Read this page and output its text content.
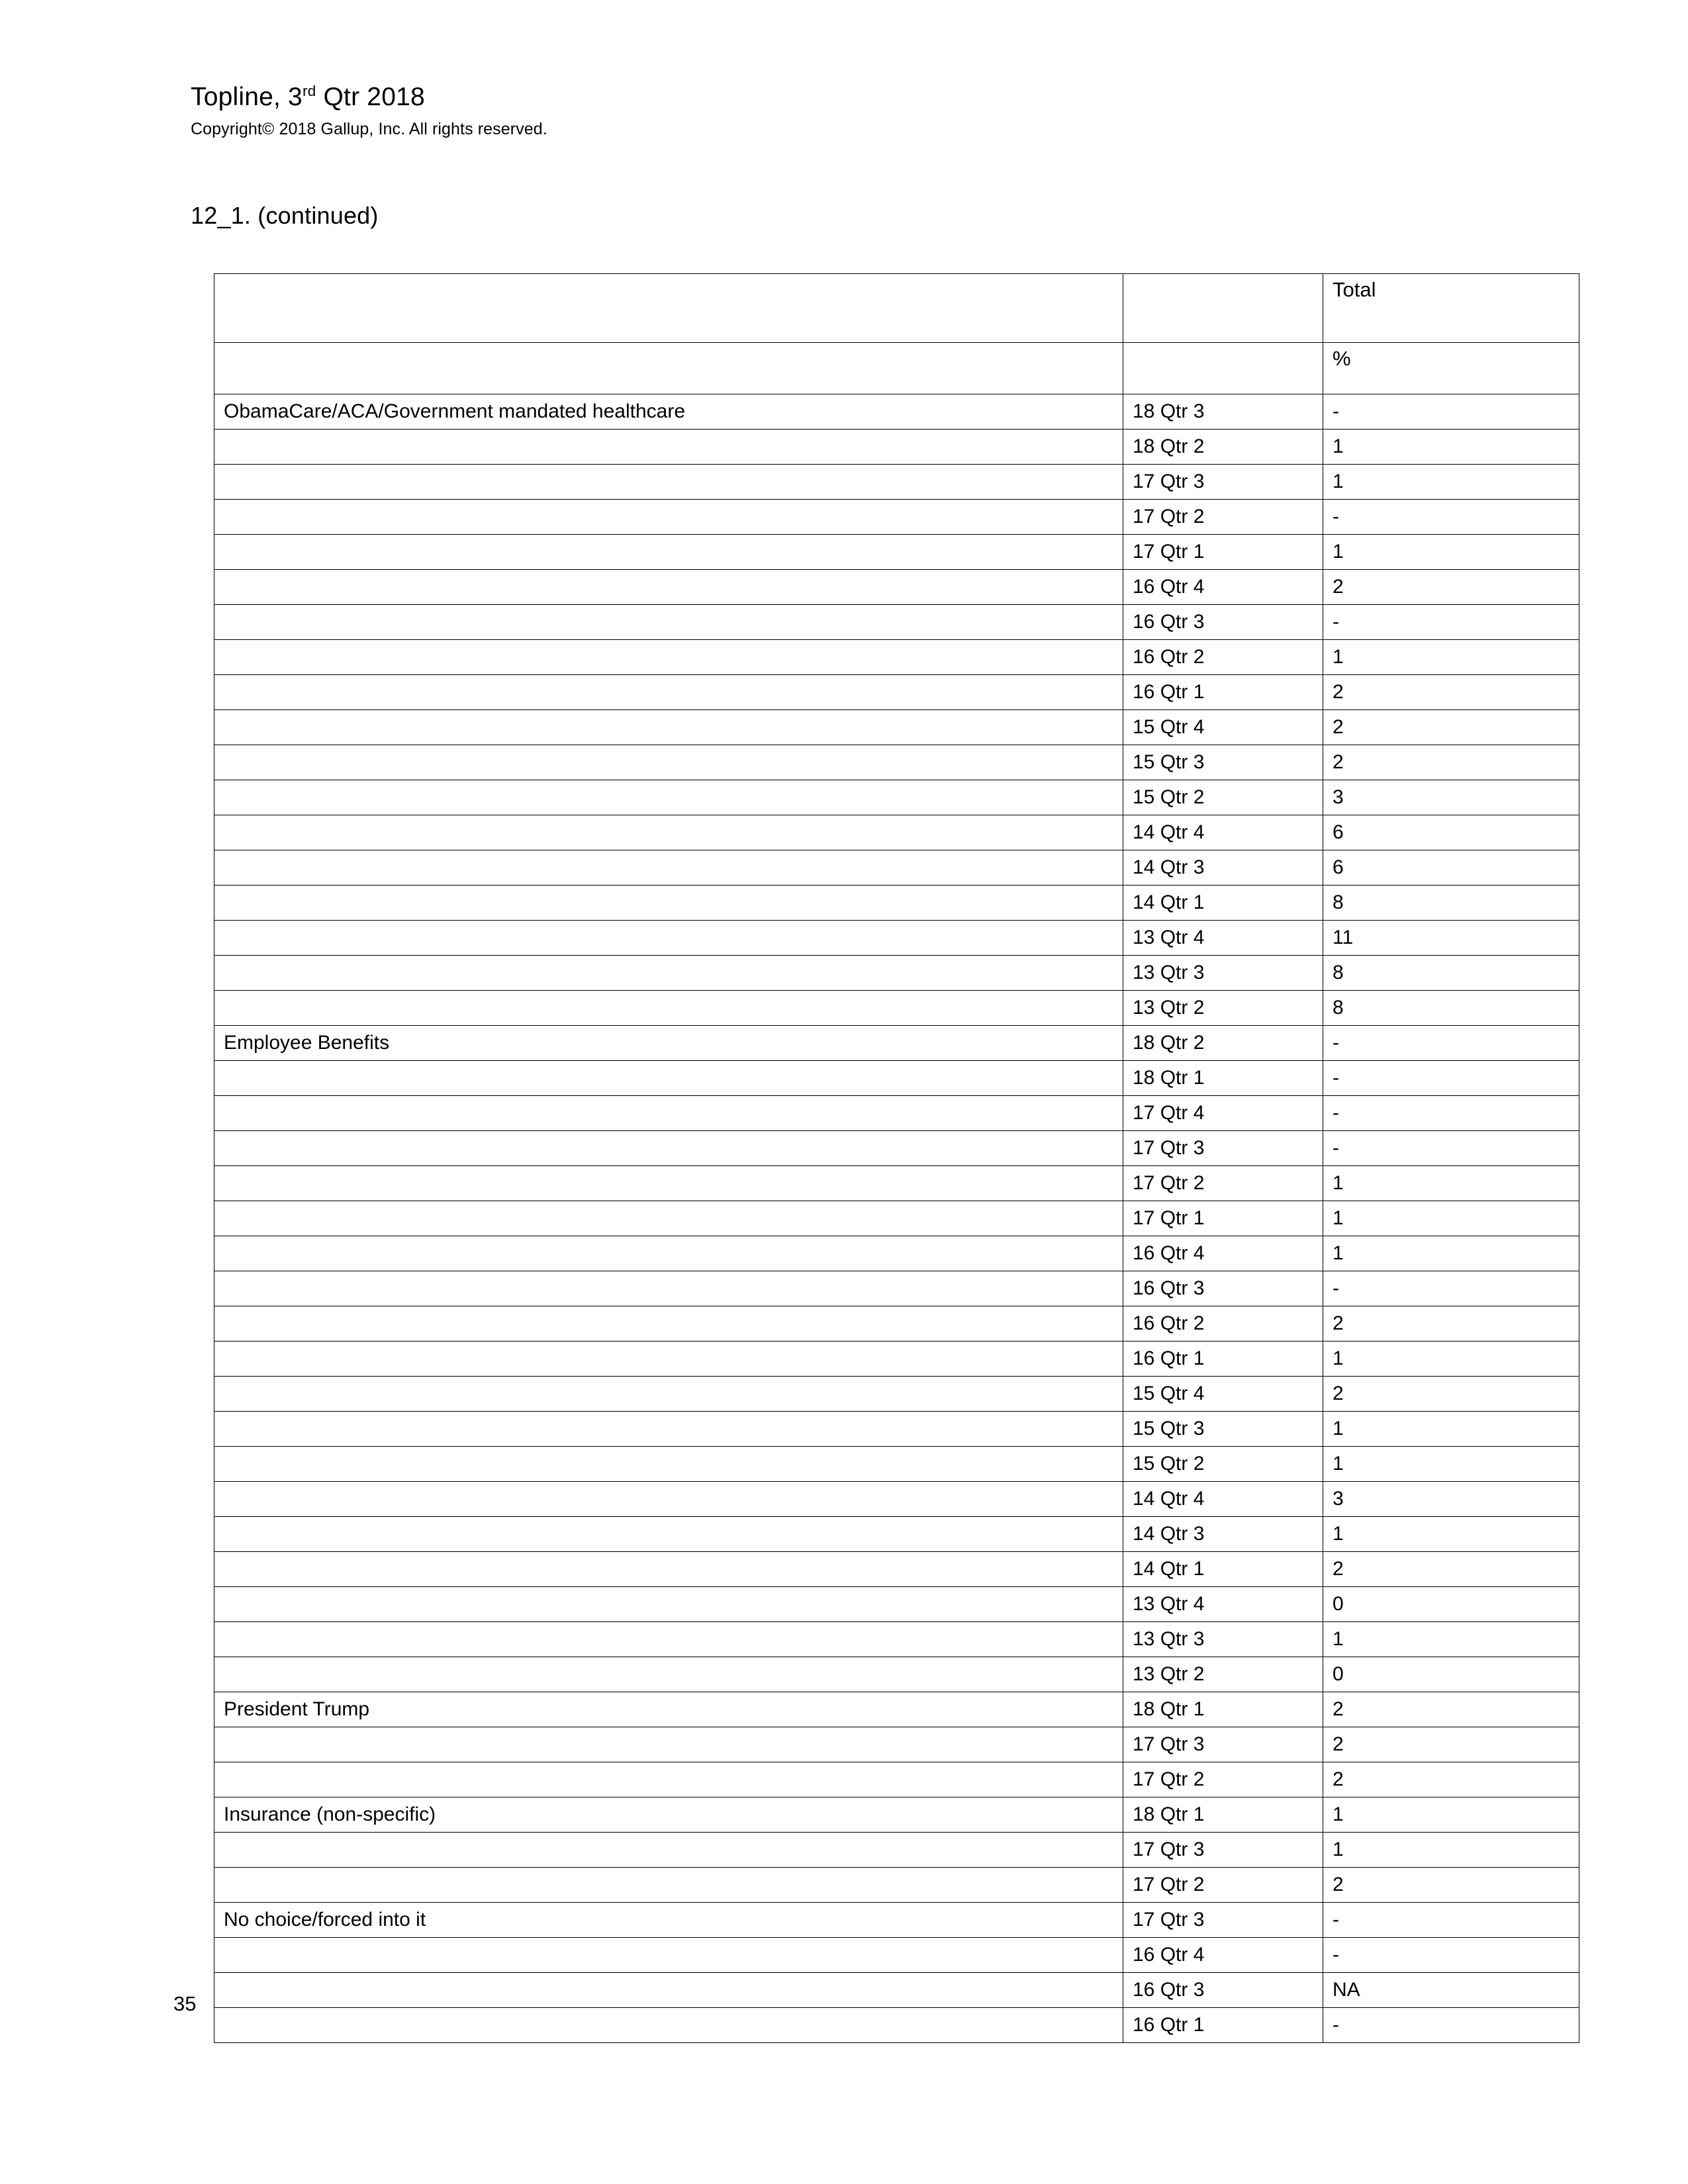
Topline, 3rd Qtr 2018
Copyright© 2018 Gallup, Inc. All rights reserved.
12_1. (continued)
		Total
		%
ObamaCare/ACA/Government mandated healthcare	18 Qtr 3	-
	18 Qtr 2	1
	17 Qtr 3	1
	17 Qtr 2	-
	17 Qtr 1	1
	16 Qtr 4	2
	16 Qtr 3	-
	16 Qtr 2	1
	16 Qtr 1	2
	15 Qtr 4	2
	15 Qtr 3	2
	15 Qtr 2	3
	14 Qtr 4	6
	14 Qtr 3	6
	14 Qtr 1	8
	13 Qtr 4	11
	13 Qtr 3	8
	13 Qtr 2	8
Employee Benefits	18 Qtr 2	-
	18 Qtr 1	-
	17 Qtr 4	-
	17 Qtr 3	-
	17 Qtr 2	1
	17 Qtr 1	1
	16 Qtr 4	1
	16 Qtr 3	-
	16 Qtr 2	2
	16 Qtr 1	1
	15 Qtr 4	2
	15 Qtr 3	1
	15 Qtr 2	1
	14 Qtr 4	3
	14 Qtr 3	1
	14 Qtr 1	2
	13 Qtr 4	0
	13 Qtr 3	1
	13 Qtr 2	0
President Trump	18 Qtr 1	2
	17 Qtr 3	2
	17 Qtr 2	2
Insurance (non-specific)	18 Qtr 1	1
	17 Qtr 3	1
	17 Qtr 2	2
No choice/forced into it	17 Qtr 3	-
	16 Qtr 4	-
	16 Qtr 3	NA
	16 Qtr 1	-
35
